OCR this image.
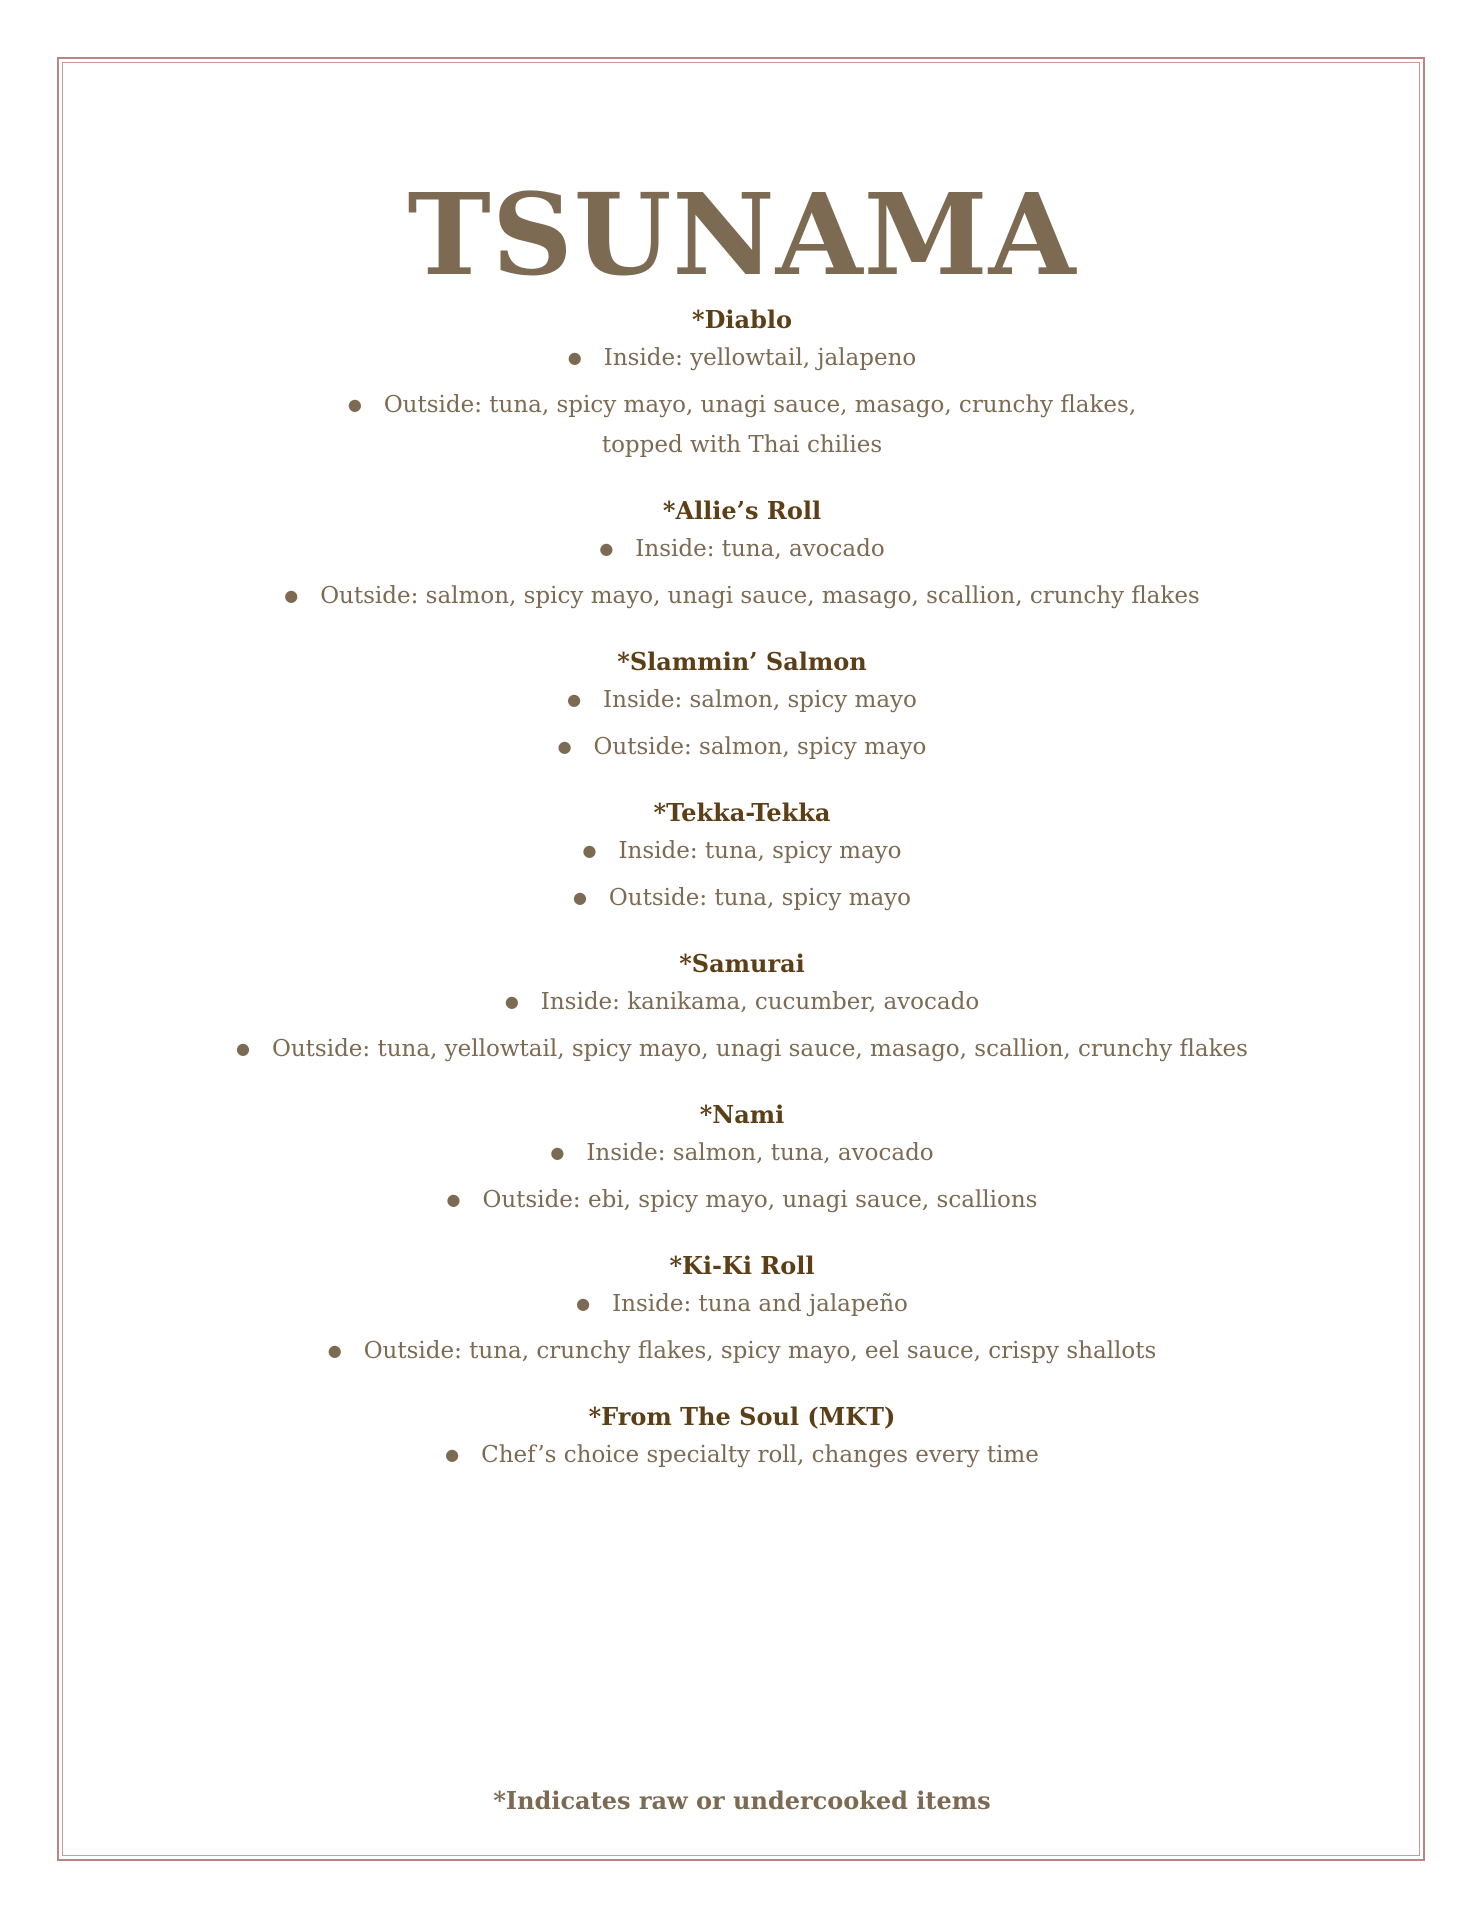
TSUNAMA
*Diablo
● Inside: yellowtail, jalapeno
● Outside: tuna, spicy mayo, unagi sauce, masago, crunchy flakes,
topped with Thai chilies
*Allie’s Roll
● Inside: tuna, avocado
● Outside: salmon, spicy mayo, unagi sauce, masago, scallion, crunchy flakes
*Slammin’ Salmon
● Inside: salmon, spicy mayo
● Outside: salmon, spicy mayo
*Tekka-Tekka
● Inside: tuna, spicy mayo
● Outside: tuna, spicy mayo
*Samurai
● Inside: kanikama, cucumber, avocado
● Outside: tuna, yellowtail, spicy mayo, unagi sauce, masago, scallion, crunchy flakes
*Nami
● Inside: salmon, tuna, avocado
● Outside: ebi, spicy mayo, unagi sauce, scallions
*Ki-Ki Roll
● Inside: tuna and jalapeño
● Outside: tuna, crunchy flakes, spicy mayo, eel sauce, crispy shallots
*From The Soul (MKT)
● Chef’s choice specialty roll, changes every time
*Indicates raw or undercooked items
